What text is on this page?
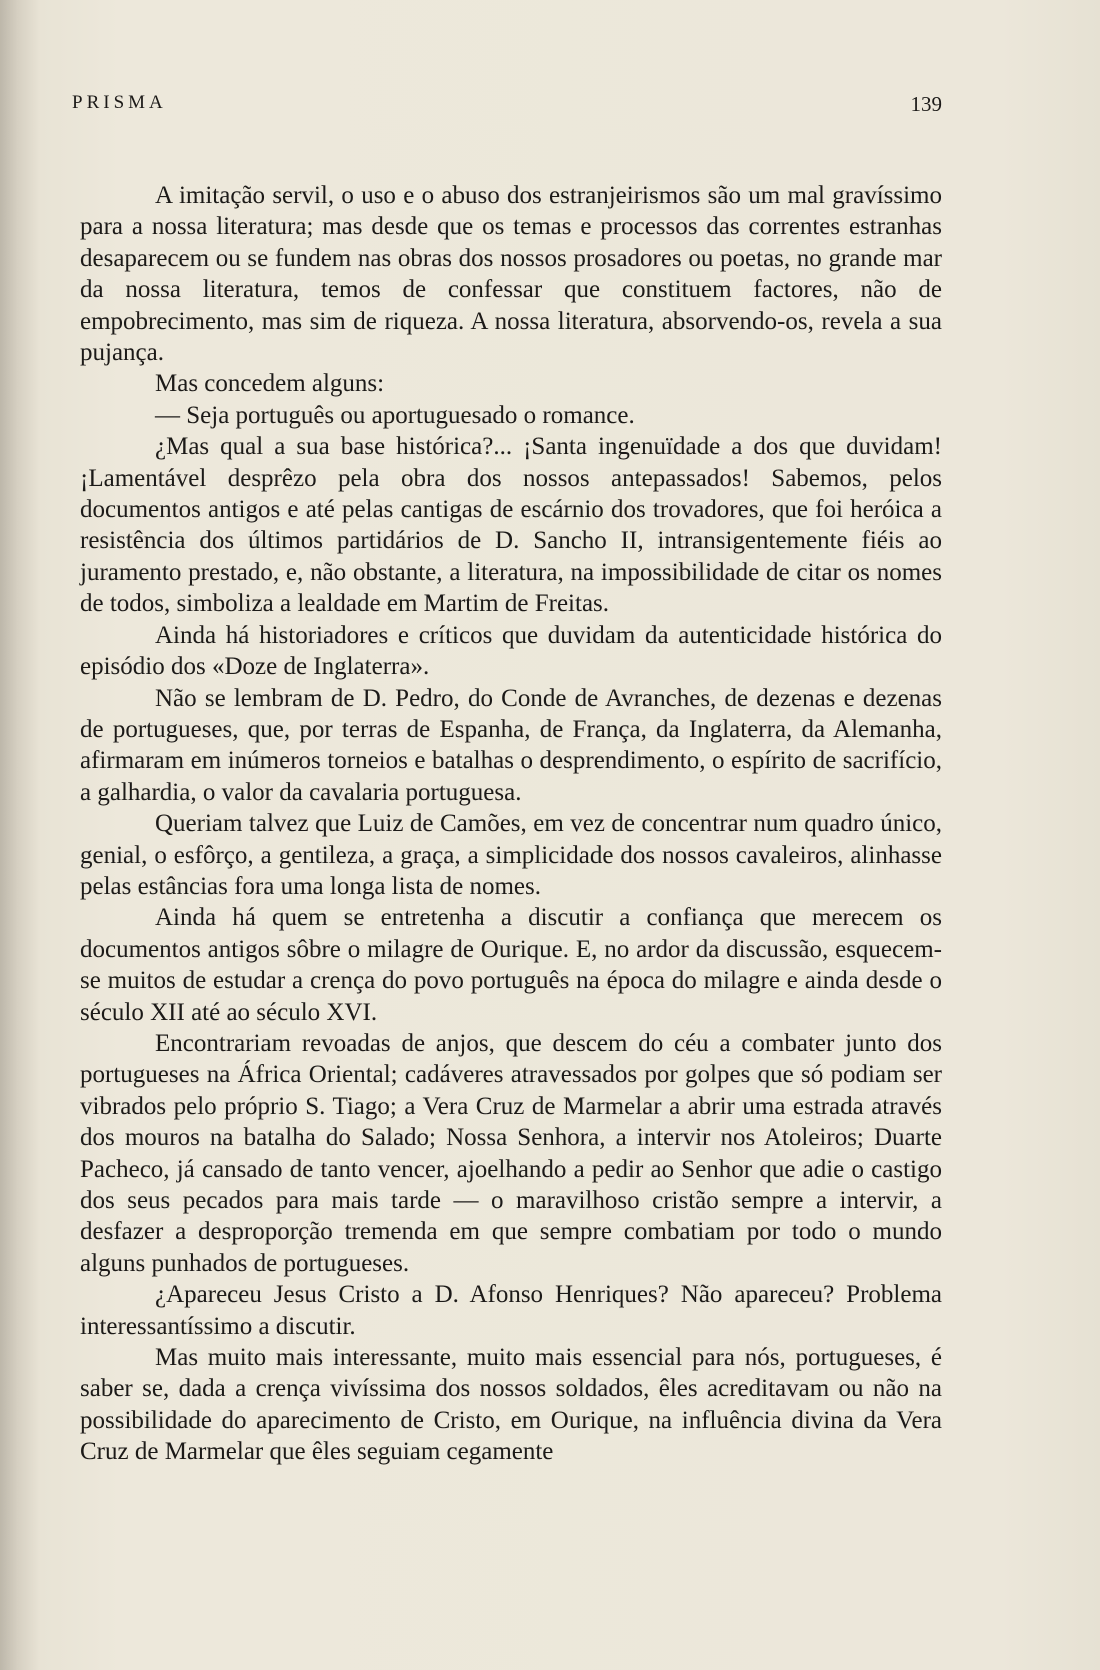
PRISMA	139

A imitação servil, o uso e o abuso dos estranjeirismos são um mal gravíssimo para a nossa literatura; mas desde que os temas e processos das correntes estranhas desaparecem ou se fundem nas obras dos nossos prosadores ou poetas, no grande mar da nossa literatura, temos de confessar que constituem factores, não de empobrecimento, mas sim de riqueza. A nossa literatura, absorvendo-os, revela a sua pujança.

Mas concedem alguns:

— Seja português ou aportuguesado o romance.

¿Mas qual a sua base histórica?... ¡Santa ingenuïdade a dos que duvidam! ¡Lamentável desprêzo pela obra dos nossos antepassados! Sabemos, pelos documentos antigos e até pelas cantigas de escárnio dos trovadores, que foi heróica a resistência dos últimos partidários de D. Sancho II, intransigentemente fiéis ao juramento prestado, e, não obstante, a literatura, na impossibilidade de citar os nomes de todos, simboliza a lealdade em Martim de Freitas.

Ainda há historiadores e críticos que duvidam da autenticidade histórica do episódio dos «Doze de Inglaterra».

Não se lembram de D. Pedro, do Conde de Avranches, de dezenas e dezenas de portugueses, que, por terras de Espanha, de França, da Inglaterra, da Alemanha, afirmaram em inúmeros torneios e batalhas o desprendimento, o espírito de sacrifício, a galhardia, o valor da cavalaria portuguesa.

Queriam talvez que Luiz de Camões, em vez de concentrar num quadro único, genial, o esfôrço, a gentileza, a graça, a simplicidade dos nossos cavaleiros, alinhasse pelas estâncias fora uma longa lista de nomes.

Ainda há quem se entretenha a discutir a confiança que merecem os documentos antigos sôbre o milagre de Ourique. E, no ardor da discussão, esquecem-se muitos de estudar a crença do povo português na época do milagre e ainda desde o século XII até ao século XVI.

Encontrariam revoadas de anjos, que descem do céu a combater junto dos portugueses na África Oriental; cadáveres atravessados por golpes que só podiam ser vibrados pelo próprio S. Tiago; a Vera Cruz de Marmelar a abrir uma estrada através dos mouros na batalha do Salado; Nossa Senhora, a intervir nos Atoleiros; Duarte Pacheco, já cansado de tanto vencer, ajoelhando a pedir ao Senhor que adie o castigo dos seus pecados para mais tarde — o maravilhoso cristão sempre a intervir, a desfazer a desproporção tremenda em que sempre combatiam por todo o mundo alguns punhados de portugueses.

¿Apareceu Jesus Cristo a D. Afonso Henriques? Não apareceu? Problema interessantíssimo a discutir.

Mas muito mais interessante, muito mais essencial para nós, portugueses, é saber se, dada a crença vivíssima dos nossos soldados, êles acreditavam ou não na possibilidade do aparecimento de Cristo, em Ourique, na influência divina da Vera Cruz de Marmelar que êles seguiam cegamente
